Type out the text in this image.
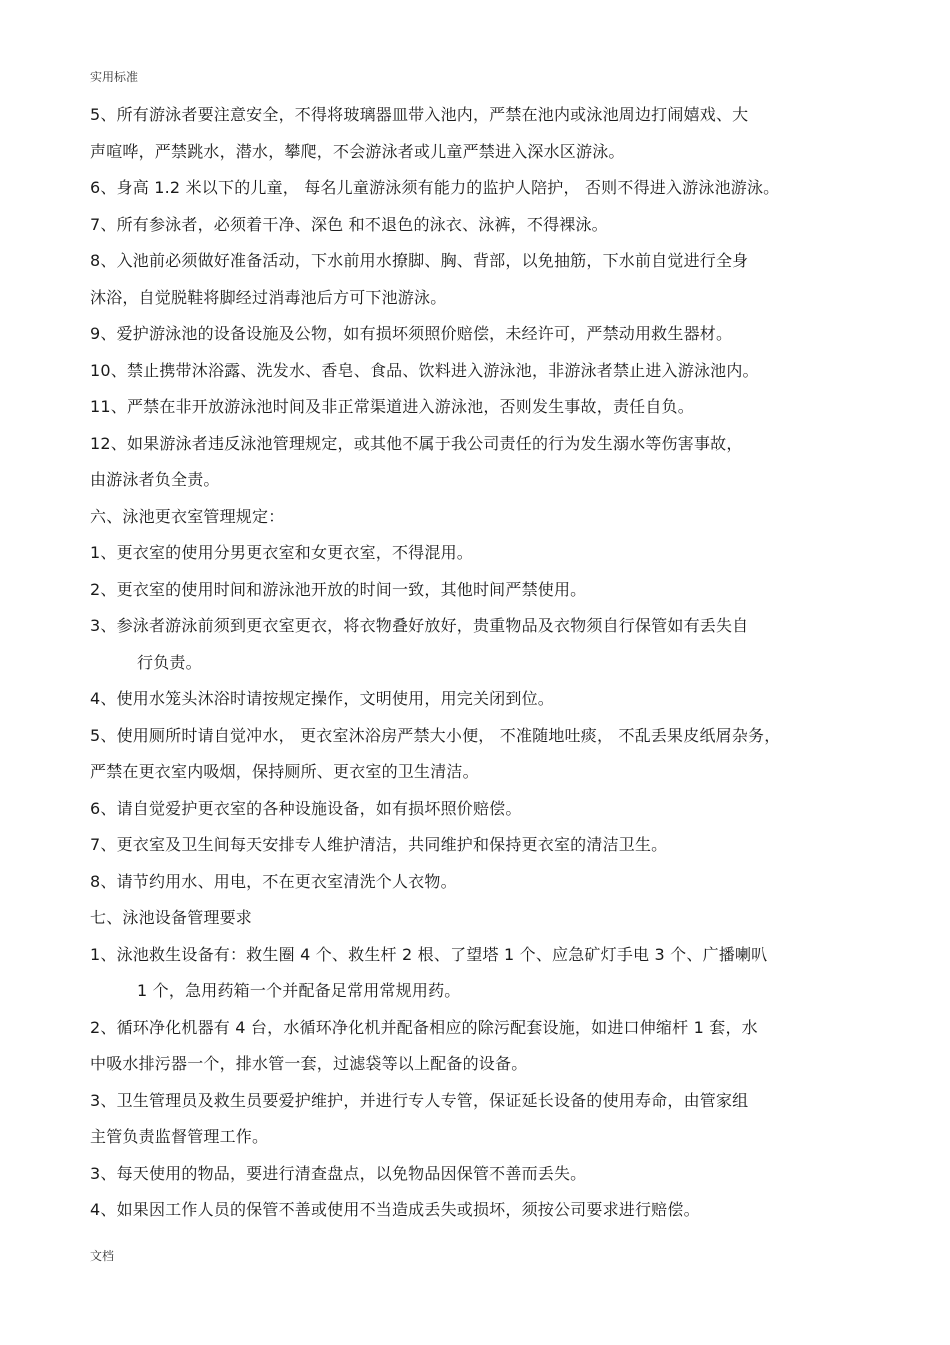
实用标准
5、所有游泳者要注意安全，不得将玻璃器皿带入池内，严禁在池内或泳池周边打闹嬉戏、大
声喧哗，严禁跳水，潜水，攀爬，不会游泳者或儿童严禁进入深水区游泳。
6、身高 1.2 米以下的儿童， 每名儿童游泳须有能力的监护人陪护， 否则不得进入游泳池游泳。
7、所有参泳者，必须着干净、深色 和不退色的泳衣、泳裤，不得裸泳。
8、入池前必须做好准备活动，下水前用水撩脚、胸、背部，以免抽筋，下水前自觉进行全身
沐浴，自觉脱鞋将脚经过消毒池后方可下池游泳。
9、爱护游泳池的设备设施及公物，如有损坏须照价赔偿，未经许可，严禁动用救生器材。
10、禁止携带沐浴露、洗发水、香皂、食品、饮料进入游泳池，非游泳者禁止进入游泳池内。
11、严禁在非开放游泳池时间及非正常渠道进入游泳池，否则发生事故，责任自负。
12、如果游泳者违反泳池管理规定，或其他不属于我公司责任的行为发生溺水等伤害事故，
由游泳者负全责。
六、泳池更衣室管理规定：
1、更衣室的使用分男更衣室和女更衣室，不得混用。
2、更衣室的使用时间和游泳池开放的时间一致，其他时间严禁使用。
3、参泳者游泳前须到更衣室更衣，将衣物叠好放好，贵重物品及衣物须自行保管如有丢失自
行负责。
4、使用水笼头沐浴时请按规定操作，文明使用，用完关闭到位。
5、使用厕所时请自觉冲水， 更衣室沐浴房严禁大小便， 不准随地吐痰， 不乱丢果皮纸屑杂务，
严禁在更衣室内吸烟，保持厕所、更衣室的卫生清洁。
6、请自觉爱护更衣室的各种设施设备，如有损坏照价赔偿。
7、更衣室及卫生间每天安排专人维护清洁，共同维护和保持更衣室的清洁卫生。
8、请节约用水、用电，不在更衣室清洗个人衣物。
七、泳池设备管理要求
1、泳池救生设备有：救生圈 4 个、救生杆 2 根、了望塔 1 个、应急矿灯手电 3 个、广播喇叭
1 个，急用药箱一个并配备足常用常规用药。
2、循环净化机器有 4 台，水循环净化机并配备相应的除污配套设施，如进口伸缩杆 1 套，水
中吸水排污器一个，排水管一套，过滤袋等以上配备的设备。
3、卫生管理员及救生员要爱护维护，并进行专人专管，保证延长设备的使用寿命，由管家组
主管负责监督管理工作。
3、每天使用的物品，要进行清查盘点，以免物品因保管不善而丢失。
4、如果因工作人员的保管不善或使用不当造成丢失或损坏，须按公司要求进行赔偿。
文档
